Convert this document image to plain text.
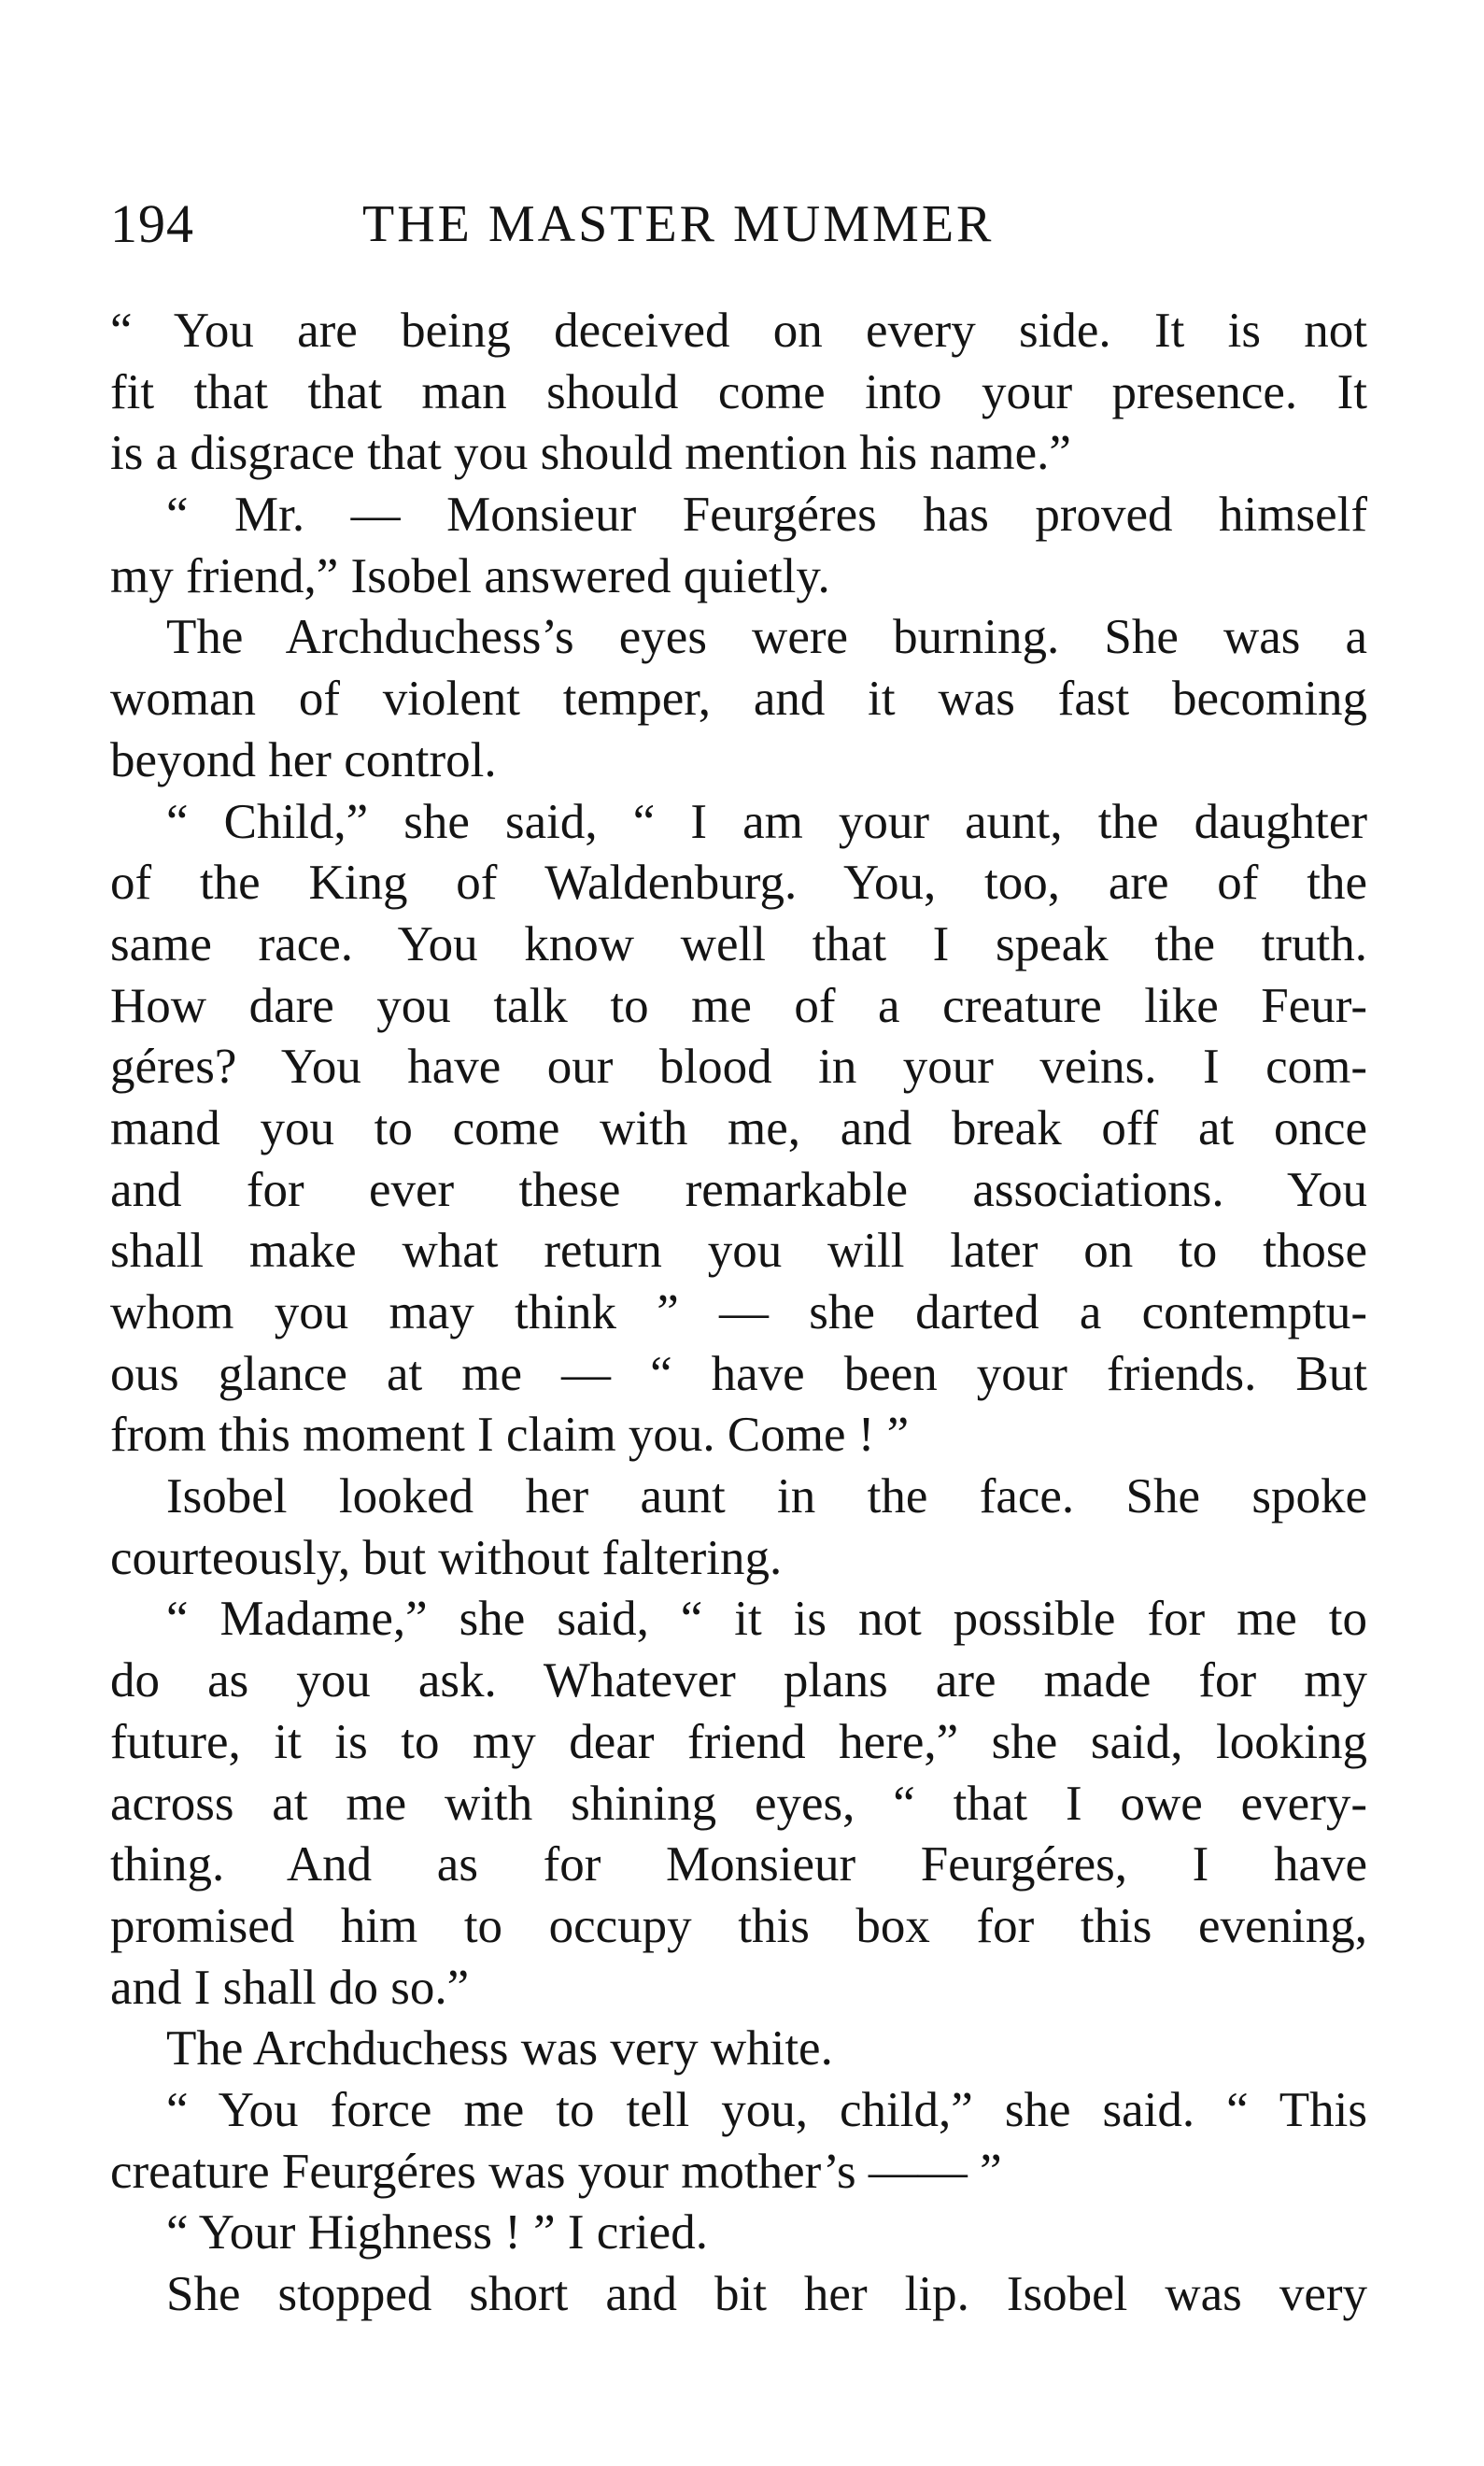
194	THE MASTER MUMMER
“ You are being deceived on every side. It is not
fit that that man should come into your presence. It
is a disgrace that you should mention his name.”
“ Mr. — Monsieur Feurgéres has proved himself
my friend,” Isobel answered quietly.
The Archduchess’s eyes were burning. She was a
woman of violent temper, and it was fast becoming
beyond her control.
“ Child,” she said, “ I am your aunt, the daughter
of the King of Waldenburg. You, too, are of the
same race. You know well that I speak the truth.
How dare you talk to me of a creature like Feur-
géres? You have our blood in your veins. I com-
mand you to come with me, and break off at once
and for ever these remarkable associations. You
shall make what return you will later on to those
whom you may think ” — she darted a contemptu-
ous glance at me — “ have been your friends. But
from this moment I claim you. Come ! ”
Isobel looked her aunt in the face. She spoke
courteously, but without faltering.
“ Madame,” she said, “ it is not possible for me to
do as you ask. Whatever plans are made for my
future, it is to my dear friend here,” she said, looking
across at me with shining eyes, “ that I owe every-
thing. And as for Monsieur Feurgéres, I have
promised him to occupy this box for this evening,
and I shall do so.”
The Archduchess was very white.
“ You force me to tell you, child,” she said. “ This
creature Feurgéres was your mother’s —— ”
“ Your Highness ! ” I cried.
She stopped short and bit her lip. Isobel was very
